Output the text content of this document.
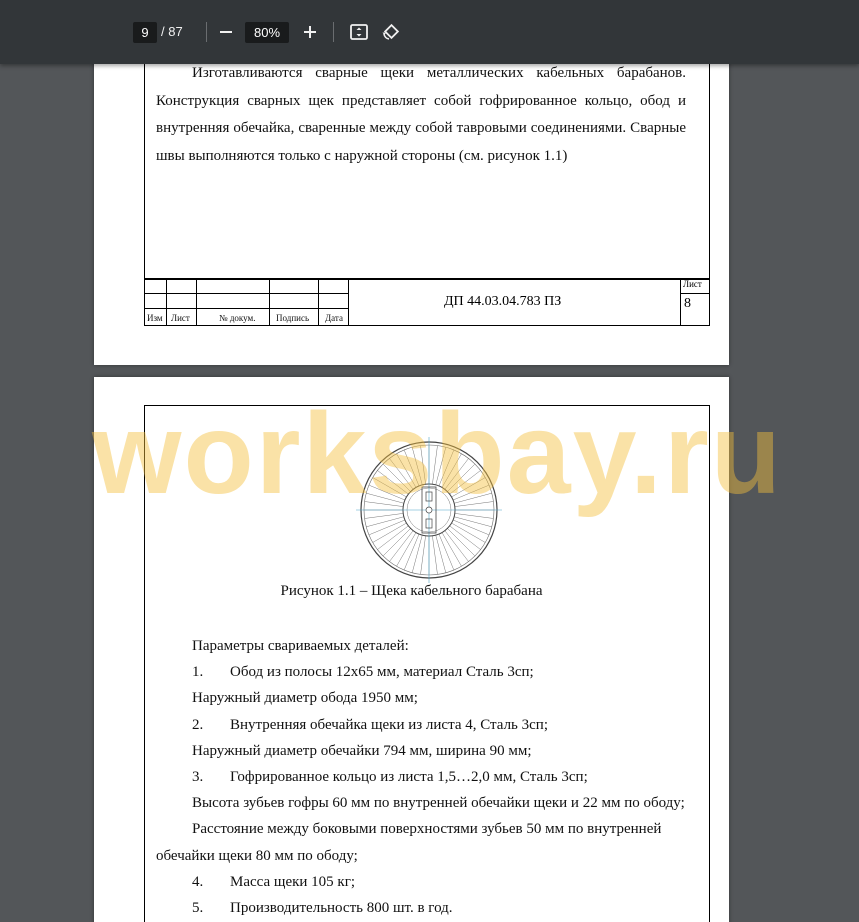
9 / 87	80%
Изготавливаются сварные щеки металлических кабельных барабанов. Конструкция сварных щек представляет собой гофрированное кольцо, обод и внутренняя обечайка, сваренные между собой тавровыми соединениями. Сварные швы выполняются только с наружной стороны (см. рисунок 1.1)
Изм Лист	№ докум. Подпись Дата
ДП 44.03.04.783 ПЗ
Лист
8
Рисунок 1.1 – Щека кабельного барабана
Параметры свариваемых деталей:
1. Обод из полосы 12х65 мм, материал Сталь 3сп;
Наружный диаметр обода 1950 мм;
2. Внутренняя обечайка щеки из листа 4, Сталь 3сп;
Наружный диаметр обечайки 794 мм, ширина 90 мм;
3. Гофрированное кольцо из листа 1,5…2,0 мм, Сталь 3сп;
Высота зубьев гофры 60 мм по внутренней обечайки щеки и 22 мм по ободу;
Расстояние между боковыми поверхностями зубьев 50 мм по внутренней
обечайки щеки 80 мм по ободу;
4. Масса щеки 105 кг;
5. Производительность 800 шт. в год.
worksbay.ru
